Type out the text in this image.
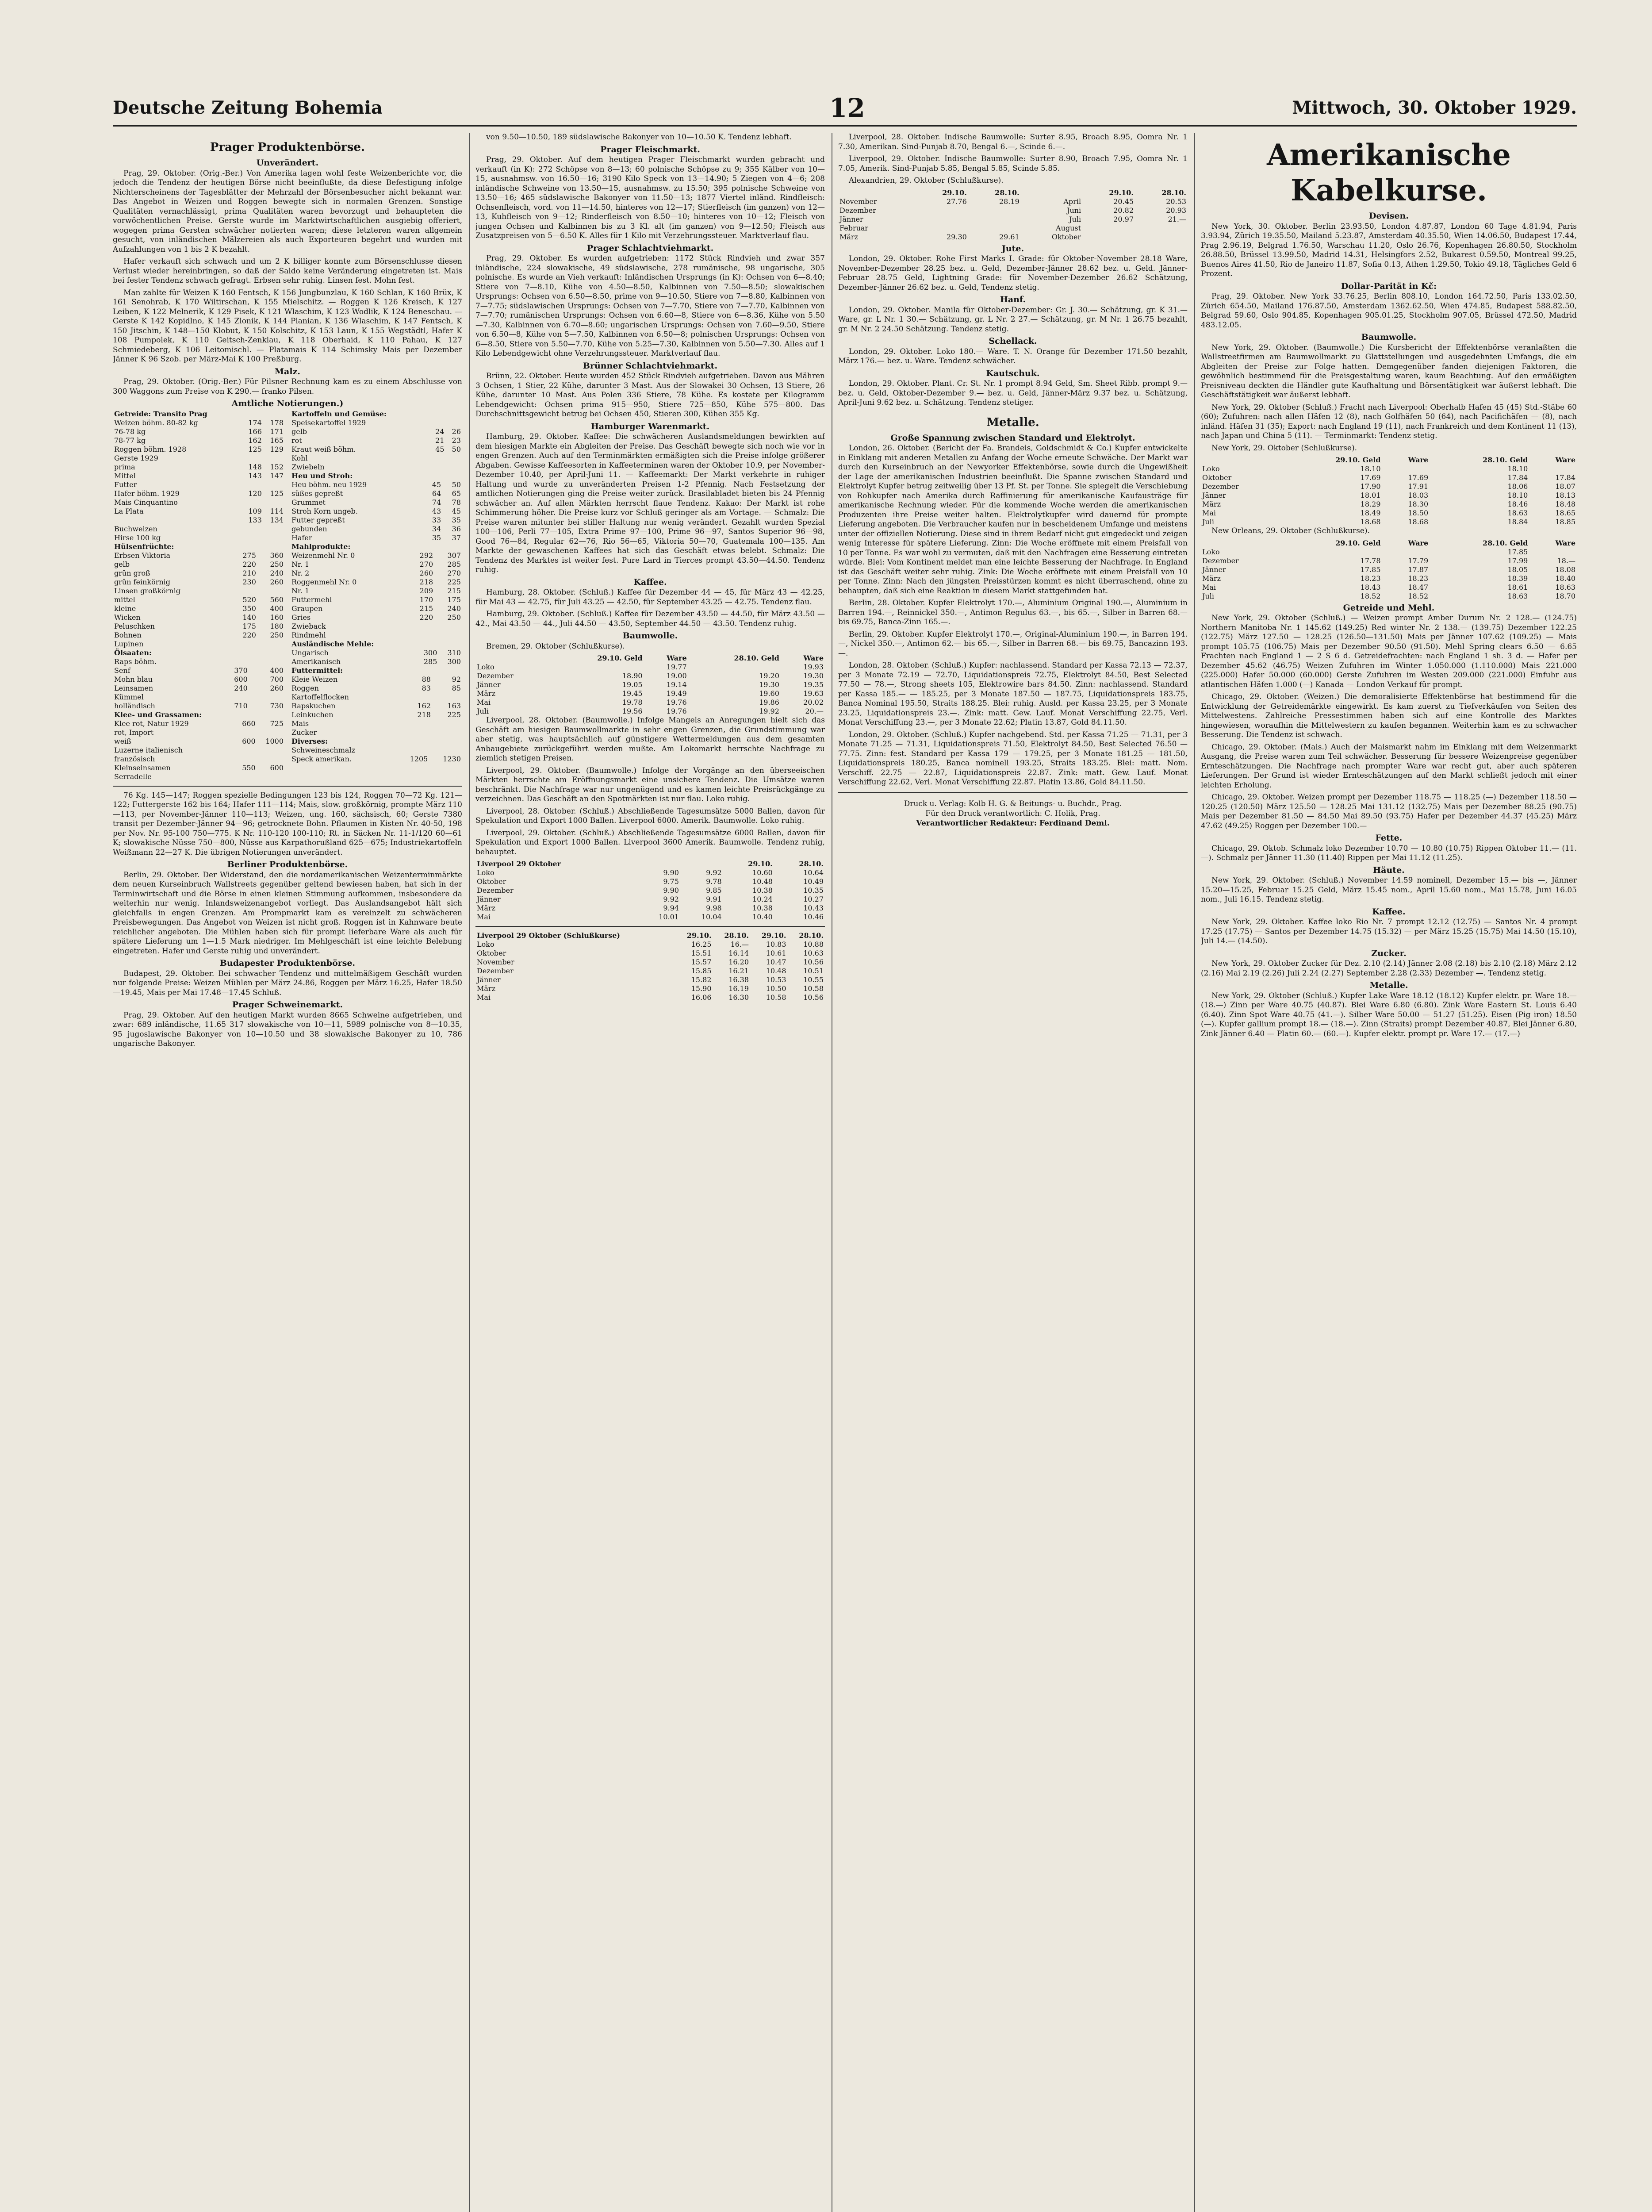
Deutsche Zeitung Bohemia	12	Mittwoch, 30. Oktober 1929.
Prager Produktenbörse.
Unverändert.

Prag, 29. Oktober. (Orig.-Ber.) Von Amerika lagen wohl feste Weizenberichte vor, die jedoch die Tendenz der heutigen Börse nicht beeinflußte, da diese Befestigung infolge Nichterscheinens der Tagesblätter der Mehrzahl der Börsenbesucher nicht bekannt war. Das Angebot in Weizen und Roggen bewegte sich in normalen Grenzen. Sonstige Qualitäten vernachlässigt, prima Qualitäten waren bevorzugt und behaupteten die vorwöchentlichen Preise. Gerste wurde im Marktwirtschaftlichen ausgiebig offeriert, wogegen prima Gersten schwächer notierten waren; diese letzteren waren allgemein gesucht, von inländischen Mälzereien als auch Exporteuren begehrt und wurden mit Aufzahlungen von 1 bis 2 K bezahlt.

Hafer verkauft sich schwach und um 2 K billiger konnte zum Börsenschlusse diesen Verlust wieder hereinbringen, so daß der Saldo keine Veränderung eingetreten ist. Mais bei fester Tendenz schwach gefragt. Erbsen sehr ruhig. Linsen fest. Mohn fest.

Man zahlte für Weizen K 160 Fentsch, K 156 Jungbunzlau, K 160 Schlan, K 160 Brüx, K 161 Senohrab, K 170 Wiltirschan, K 155 Mielschitz. — Roggen K 126 Kreisch, K 127 Leiben, K 122 Melnerik, K 129 Pisek, K 121 Wlaschim, K 123 Wodlik, K 124 Beneschau. — Gerste K 142 Kopidlno, K 145 Zlonik, K 144 Planian, K 136 Wlaschim, K 147 Fentsch, K 150 Jitschin, K 148—150 Klobut, K 150 Kolschitz, K 153 Laun, K 155 Wegstädtl, Hafer K 108 Pumpolek, K 110 Geitsch-Zenklau, K 118 Oberhaid, K 110 Pahau, K 127 Schmiedeberg, K 106 Leitomischl. — Platamais K 114 Schimsky Mais per Dezember Jänner K 96 Szob. per März-Mai K 100 Preßburg.

Malz.

Prag, 29. Oktober. (Orig.-Ber.) Für Pilsner Rechnung kam es zu einem Abschlusse von 300 Waggons zum Preise von K 290.— franko Pilsen.

Amtliche Notierungen.)
Getreide: Transito Prag		
Weizen böhm. 80-82 kg	174	178
76-78 kg	166	171
78-77 kg	162	165
Roggen böhm. 1928	125	129
Gerste 1929		
prima	148	152
Mittel	143	147
Futter		
Hafer böhm. 1929	120	125
Mais Cinquantino		
La Plata	109	114
	133	134
Buchweizen		
Hirse 100 kg		
Hülsenfrüchte:		
Erbsen Viktoria	275	360
gelb	220	250
grün groß	210	240
grün feinkörnig	230	260
Linsen großkörnig		
mittel	520	560
kleine	350	400
Wicken	140	160
Peluschken	175	180
Bohnen	220	250
Lupinen		
Ölsaaten:		
Raps böhm.		
Senf	370	400
Mohn blau	600	700
Leinsamen	240	260
Kümmel		
holländisch	710	730
Klee- und Grassamen:		
Klee rot, Natur 1929	660	725
rot, Import		
weiß	600	1000
Luzerne italienisch		
französisch		
Kleinseinsamen	550	600
Serradelle		
Kartoffeln und Gemüse:		
Speisekartoffel 1929		
gelb	24	26
rot	21	23
Kraut weiß böhm.	45	50
Kohl		
Zwiebeln		
Heu und Stroh:		
Heu böhm. neu 1929	45	50
süßes gepreßt	64	65
Grummet	74	78
Stroh Korn ungeb.	43	45
Futter gepreßt	33	35
gebunden	34	36
Hafer	35	37
Mahlprodukte:		
Weizenmehl Nr. 0	292	307
Nr. 1	270	285
Nr. 2	260	270
Roggenmehl Nr. 0	218	225
Nr. 1	209	215
Futtermehl	170	175
Graupen	215	240
Gries	220	250
Zwieback		
Rindmehl		
Ausländische Mehle:		
Ungarisch	300	310
Amerikanisch	285	300
Futtermittel:		
Kleie Weizen	88	92
Roggen	83	85
Kartoffelflocken		
Rapskuchen	162	163
Leinkuchen	218	225
Mais		
Zucker		
Diverses:		
Schweineschmalz		
Speck amerikan.	1205	1230

76 Kg. 145—147; Roggen spezielle Bedingungen 123 bis 124, Roggen 70—72 Kg. 121—122; Futtergerste 162 bis 164; Hafer 111—114; Mais, slow. großkörnig, prompte März 110—113, per November-Jänner 110—113; Weizen, ung. 160, sächsisch, 60; Gerste 7380 transit per Dezember-Jänner 94—96; getrocknete Bohn. Pflaumen in Kisten Nr. 40-50, 198 per Nov. Nr. 95-100 750—775. K Nr. 110-120 100-110; Rt. in Säcken Nr. 11-1/120 60—61 K; slowakische Nüsse 750—800, Nüsse aus Karpathorußland 625—675; Industriekartoffeln Weißmann 22—27 K. Die übrigen Notierungen unverändert.

Berliner Produktenbörse.

Berlin, 29. Oktober. Der Widerstand, den die nordamerikanischen Weizenterminmärkte dem neuen Kurseinbruch Wallstreets gegenüber geltend bewiesen haben, hat sich in der Terminwirtschaft und die Börse in einen kleinen Stimmung aufkommen, insbesondere da weiterhin nur wenig. Inlandsweizenangebot vorliegt. Das Auslandsangebot hält sich gleichfalls in engen Grenzen. Am Prompmarkt kam es vereinzelt zu schwächeren Preisbewegungen. Das Angebot von Weizen ist nicht groß. Roggen ist in Kahnware beute reichlicher angeboten. Die Mühlen haben sich für prompt lieferbare Ware als auch für spätere Lieferung um 1—1.5 Mark niedriger. Im Mehlgeschäft ist eine leichte Belebung eingetreten. Hafer und Gerste ruhig und unverändert.

Budapester Produktenbörse.

Budapest, 29. Oktober. Bei schwacher Tendenz und mittelmäßigem Geschäft wurden nur folgende Preise: Weizen Mühlen per März 24.86, Roggen per März 16.25, Hafer 18.50—19.45, Mais per Mai 17.48—17.45 Schluß.

Prager Schweinemarkt.

Prag, 29. Oktober. Auf den heutigen Markt wurden 8665 Schweine aufgetrieben, und zwar: 689 inländische, 11.65 317 slowakische von 10—11, 5989 polnische von 8—10.35, 95 jugoslawische Bakonyer von 10—10.50 und 38 slowakische Bakonyer zu 10, 786 ungarische Bakonyer.

von 9.50—10.50, 189 südslawische Bakonyer von 10—10.50 K. Tendenz lebhaft.

Prager Fleischmarkt.

Prag, 29. Oktober. Auf dem heutigen Prager Fleischmarkt wurden gebracht und verkauft (in K): 272 Schöpse von 8—13; 60 polnische Schöpse zu 9; 355 Kälber von 10—15, ausnahmsw. von 16.50—16; 3190 Kilo Speck von 13—14.90; 5 Ziegen von 4—6; 208 inländische Schweine von 13.50—15, ausnahmsw. zu 15.50; 395 polnische Schweine von 13.50—16; 465 südslawische Bakonyer von 11.50—13; 1877 Viertel inländ. Rindfleisch: Ochsenfleisch, vord. von 11—14.50, hinteres von 12—17; Stierfleisch (im ganzen) von 12—13, Kuhfleisch von 9—12; Rinderfleisch von 8.50—10; hinteres von 10—12; Fleisch von jungen Ochsen und Kalbinnen bis zu 3 Kl. alt (im ganzen) von 9—12.50; Fleisch aus Zusatzpreisen von 5—6.50 K. Alles für 1 Kilo mit Verzehrungssteuer. Marktverlauf flau.

Prager Schlachtviehmarkt.

Prag, 29. Oktober. Es wurden aufgetrieben: 1172 Stück Rindvieh und zwar 357 inländische, 224 slowakische, 49 südslawische, 278 rumänische, 98 ungarische, 305 polnische. Es wurde an Vieh verkauft: Inländischen Ursprungs (in K): Ochsen von 6—8.40; Stiere von 7—8.10, Kühe von 4.50—8.50, Kalbinnen von 7.50—8.50; slowakischen Ursprungs: Ochsen von 6.50—8.50, prime von 9—10.50, Stiere von 7—8.80, Kalbinnen von 7—7.75; südslawischen Ursprungs: Ochsen von 7—7.70, Stiere von 7—7.70, Kalbinnen von 7—7.70; rumänischen Ursprungs: Ochsen von 6.60—8, Stiere von 6—8.36, Kühe von 5.50—7.30, Kalbinnen von 6.70—8.60; ungarischen Ursprungs: Ochsen von 7.60—9.50, Stiere von 6.50—8, Kühe von 5—7.50, Kalbinnen von 6.50—8; polnischen Ursprungs: Ochsen von 6—8.50, Stiere von 5.50—7.70, Kühe von 5.25—7.30, Kalbinnen von 5.50—7.30. Alles auf 1 Kilo Lebendgewicht ohne Verzehrungssteuer. Marktverlauf flau.

Brünner Schlachtviehmarkt.

Brünn, 22. Oktober. Heute wurden 452 Stück Rindvieh aufgetrieben. Davon aus Mähren 3 Ochsen, 1 Stier, 22 Kühe, darunter 3 Mast. Aus der Slowakei 30 Ochsen, 13 Stiere, 26 Kühe, darunter 10 Mast. Aus Polen 336 Stiere, 78 Kühe. Es kostete per Kilogramm Lebendgewicht: Ochsen prima 915—950, Stiere 725—850, Kühe 575—800. Das Durchschnittsgewicht betrug bei Ochsen 450, Stieren 300, Kühen 355 Kg.

Hamburger Warenmarkt.

Hamburg, 29. Oktober. Kaffee: Die schwächeren Auslandsmeldungen bewirkten auf dem hiesigen Markte ein Abgleiten der Preise. Das Geschäft bewegte sich noch wie vor in engen Grenzen. Auch auf den Terminmärkten ermäßigten sich die Preise infolge größerer Abgaben. Gewisse Kaffeesorten in Kaffeeterminen waren der Oktober 10.9, per November-Dezember 10.40, per April-Juni 11. — Kaffeemarkt: Der Markt verkehrte in ruhiger Haltung und wurde zu unveränderten Preisen 1-2 Pfennig. Nach Festsetzung der amtlichen Notierungen ging die Preise weiter zurück. Brasilabladet bieten bis 24 Pfennig schwächer an. Auf allen Märkten herrscht flaue Tendenz. Kakao: Der Markt ist rohe Schimmerung höher. Die Preise kurz vor Schluß geringer als am Vortage. — Schmalz: Die Preise waren mitunter bei stiller Haltung nur wenig verändert. Gezahlt wurden Spezial 100—106, Perli 77—105, Extra Prime 97—100, Prime 96—97, Santos Superior 96—98, Good 76—84, Regular 62—76, Rio 56—65, Viktoria 50—70, Guatemala 100—135. Am Markte der gewaschenen Kaffees hat sich das Geschäft etwas belebt. Schmalz: Die Tendenz des Marktes ist weiter fest. Pure Lard in Tierces prompt 43.50—44.50. Tendenz ruhig.

Kaffee.

Hamburg, 28. Oktober. (Schluß.) Kaffee für Dezember 44 — 45, für März 43 — 42.25, für Mai 43 — 42.75, für Juli 43.25 — 42.50, für September 43.25 — 42.75. Tendenz flau.

Hamburg, 29. Oktober. (Schluß.) Kaffee für Dezember 43.50 — 44.50, für März 43.50 — 42., Mai 43.50 — 44., Juli 44.50 — 43.50, September 44.50 — 43.50. Tendenz ruhig.

Baumwolle.

Bremen, 29. Oktober (Schlußkurse).

	29.10. Geld	Ware	28.10. Geld	Ware
Loko		19.77		19.93
Dezember	18.90	19.00	19.20	19.30
Jänner	19.05	19.14	19.30	19.35
März	19.45	19.49	19.60	19.63
Mai	19.78	19.76	19.86	20.02
Juli	19.56	19.76	19.92	20.—

Liverpool, 28. Oktober. (Baumwolle.) Infolge Mangels an Anregungen hielt sich das Geschäft am hiesigen Baumwollmarkte in sehr engen Grenzen, die Grundstimmung war aber stetig, was hauptsächlich auf günstigere Wettermeldungen aus dem gesamten Anbaugebiete zurückgeführt werden mußte. Am Lokomarkt herrschte Nachfrage zu ziemlich stetigen Preisen.

Liverpool, 29. Oktober. (Baumwolle.) Infolge der Vorgänge an den überseeischen Märkten herrschte am Eröffnungsmarkt eine unsichere Tendenz. Die Umsätze waren beschränkt. Die Nachfrage war nur ungenügend und es kamen leichte Preisrückgänge zu verzeichnen. Das Geschäft an den Spotmärkten ist nur flau. Loko ruhig.

Liverpool, 28. Oktober. (Schluß.) Abschließende Tagesumsätze 5000 Ballen, davon für Spekulation und Export 1000 Ballen. Liverpool 6000. Amerik. Baumwolle. Loko ruhig.

Liverpool, 29. Oktober. (Schluß.) Abschließende Tagesumsätze 6000 Ballen, davon für Spekulation und Export 1000 Ballen. Liverpool 3600 Amerik. Baumwolle. Tendenz ruhig, behauptet.

Liverpool 29 Oktober			29.10.	28.10.
Loko	9.90	9.92	10.60	10.64
Oktober	9.75	9.78	10.48	10.49
Dezember	9.90	9.85	10.38	10.35
Jänner	9.92	9.91	10.24	10.27
März	9.94	9.98	10.38	10.43
Mai	10.01	10.04	10.40	10.46
Liverpool 29 Oktober (Schlußkurse)	29.10.	28.10.	29.10.	28.10.
Loko	16.25	16.—	10.83	10.88
Oktober	15.51	16.14	10.61	10.63
November	15.57	16.20	10.47	10.56
Dezember	15.85	16.21	10.48	10.51
Jänner	15.82	16.38	10.53	10.55
März	15.90	16.19	10.50	10.58
Mai	16.06	16.30	10.58	10.56

Liverpool, 28. Oktober. Indische Baumwolle: Surter 8.95, Broach 8.95, Oomra Nr. 1 7.30, Amerikan. Sind-Punjab 8.70, Bengal 6.—, Scinde 6.—.

Liverpool, 29. Oktober. Indische Baumwolle: Surter 8.90, Broach 7.95, Oomra Nr. 1 7.05, Amerik. Sind-Punjab 5.85, Bengal 5.85, Scinde 5.85.

Alexandrien, 29. Oktober (Schlußkurse).

	29.10.	28.10.		29.10.	28.10.
November	27.76	28.19	April	20.45	20.53
Dezember			Juni	20.82	20.93
Jänner			Juli	20.97	21.—
Februar			August		
März	29.30	29.61	Oktober		
Jute.

London, 29. Oktober. Rohe First Marks I. Grade: für Oktober-November 28.18 Ware, November-Dezember 28.25 bez. u. Geld, Dezember-Jänner 28.62 bez. u. Geld. Jänner-Februar 28.75 Geld, Lightning Grade: für November-Dezember 26.62 Schätzung, Dezember-Jänner 26.62 bez. u. Geld, Tendenz stetig.

Hanf.

London, 29. Oktober. Manila für Oktober-Dezember: Gr. J. 30.— Schätzung, gr. K 31.— Ware, gr. L Nr. 1 30.— Schätzung, gr. L Nr. 2 27.— Schätzung, gr. M Nr. 1 26.75 bezahlt, gr. M Nr. 2 24.50 Schätzung. Tendenz stetig.

Schellack.

London, 29. Oktober. Loko 180.— Ware. T. N. Orange für Dezember 171.50 bezahlt, März 176.— bez. u. Ware. Tendenz schwächer.

Kautschuk.

London, 29. Oktober. Plant. Cr. St. Nr. 1 prompt 8.94 Geld, Sm. Sheet Ribb. prompt 9.— bez. u. Geld, Oktober-Dezember 9.— bez. u. Geld, Jänner-März 9.37 bez. u. Schätzung, April-Juni 9.62 bez. u. Schätzung. Tendenz stetiger.

Metalle.
Große Spannung zwischen Standard und Elektrolyt.

London, 26. Oktober. (Bericht der Fa. Brandeis, Goldschmidt & Co.) Kupfer entwickelte in Einklang mit anderen Metallen zu Anfang der Woche erneute Schwäche. Der Markt war durch den Kurseinbruch an der Newyorker Effektenbörse, sowie durch die Ungewißheit der Lage der amerikanischen Industrien beeinflußt. Die Spanne zwischen Standard und Elektrolyt Kupfer betrug zeitweilig über 13 Pf. St. per Tonne. Sie spiegelt die Verschiebung von Rohkupfer nach Amerika durch Raffinierung für amerikanische Kaufausträge für amerikanische Rechnung wieder. Für die kommende Woche werden die amerikanischen Produzenten ihre Preise weiter halten. Elektrolytkupfer wird dauernd für prompte Lieferung angeboten. Die Verbraucher kaufen nur in bescheidenem Umfange und meistens unter der offiziellen Notierung. Diese sind in ihrem Bedarf nicht gut eingedeckt und zeigen wenig Interesse für spätere Lieferung. Zinn: Die Woche eröffnete mit einem Preisfall von 10 per Tonne. Es war wohl zu vermuten, daß mit den Nachfragen eine Besserung eintreten würde. Blei: Vom Kontinent meldet man eine leichte Besserung der Nachfrage. In England ist das Geschäft weiter sehr ruhig. Zink: Die Woche eröffnete mit einem Preisfall von 10 per Tonne. Zinn: Nach den jüngsten Preisstürzen kommt es nicht überraschend, ohne zu behaupten, daß sich eine Reaktion in diesem Markt stattgefunden hat.

Berlin, 28. Oktober. Kupfer Elektrolyt 170.—, Aluminium Original 190.—, Aluminium in Barren 194.—, Reinnickel 350.—, Antimon Regulus 63.—, bis 65.—, Silber in Barren 68.— bis 69.75, Banca-Zinn 165.—.

Berlin, 29. Oktober. Kupfer Elektrolyt 170.—, Original-Aluminium 190.—, in Barren 194.—, Nickel 350.—, Antimon 62.— bis 65.—, Silber in Barren 68.— bis 69.75, Bancazinn 193.—.

London, 28. Oktober. (Schluß.) Kupfer: nachlassend. Standard per Kassa 72.13 — 72.37, per 3 Monate 72.19 — 72.70, Liquidationspreis 72.75, Elektrolyt 84.50, Best Selected 77.50 — 78.—, Strong sheets 105, Elektrowire bars 84.50. Zinn: nachlassend. Standard per Kassa 185.— — 185.25, per 3 Monate 187.50 — 187.75, Liquidationspreis 183.75, Banca Nominal 195.50, Straits 188.25. Blei: ruhig. Ausld. per Kassa 23.25, per 3 Monate 23.25, Liquidationspreis 23.—. Zink: matt. Gew. Lauf. Monat Verschiffung 22.75, Verl. Monat Verschiffung 23.—, per 3 Monate 22.62; Platin 13.87, Gold 84.11.50.

London, 29. Oktober. (Schluß.) Kupfer nachgebend. Std. per Kassa 71.25 — 71.31, per 3 Monate 71.25 — 71.31, Liquidationspreis 71.50, Elektrolyt 84.50, Best Selected 76.50 — 77.75. Zinn: fest. Standard per Kassa 179 — 179.25, per 3 Monate 181.25 — 181.50, Liquidationspreis 180.25, Banca nominell 193.25, Straits 183.25. Blei: matt. Nom. Verschiff. 22.75 — 22.87, Liquidationspreis 22.87. Zink: matt. Gew. Lauf. Monat Verschiffung 22.62, Verl. Monat Verschiffung 22.87. Platin 13.86, Gold 84.11.50.

Druck u. Verlag: Kolb H. G. & Beitungs- u. Buchdr., Prag.
Für den Druck verantwortlich: C. Holik, Prag.
Verantwortlicher Redakteur: Ferdinand Deml.
Amerikanische Kabelkurse.
Devisen.

New York, 30. Oktober. Berlin 23.93.50, London 4.87.87, London 60 Tage 4.81.94, Paris 3.93.94, Zürich 19.35.50, Mailand 5.23.87, Amsterdam 40.35.50, Wien 14.06.50, Budapest 17.44, Prag 2.96.19, Belgrad 1.76.50, Warschau 11.20, Oslo 26.76, Kopenhagen 26.80.50, Stockholm 26.88.50, Brüssel 13.99.50, Madrid 14.31, Helsingfors 2.52, Bukarest 0.59.50, Montreal 99.25, Buenos Aires 41.50, Rio de Janeiro 11.87, Sofia 0.13, Athen 1.29.50, Tokio 49.18, Tägliches Geld 6 Prozent.

Dollar-Parität in Kč:

Prag, 29. Oktober. New York 33.76.25, Berlin 808.10, London 164.72.50, Paris 133.02.50, Zürich 654.50, Mailand 176.87.50, Amsterdam 1362.62.50, Wien 474.85, Budapest 588.82.50, Belgrad 59.60, Oslo 904.85, Kopenhagen 905.01.25, Stockholm 907.05, Brüssel 472.50, Madrid 483.12.05.

Baumwolle.

New York, 29. Oktober. (Baumwolle.) Die Kursbericht der Effektenbörse veranlaßten die Wallstreetfirmen am Baumwollmarkt zu Glattstellungen und ausgedehnten Umfangs, die ein Abgleiten der Preise zur Folge hatten. Demgegenüber fanden diejenigen Faktoren, die gewöhnlich bestimmend für die Preisgestaltung waren, kaum Beachtung. Auf den ermäßigten Preisniveau deckten die Händler gute Kaufhaltung und Börsentätigkeit war äußerst lebhaft. Die Geschäftstätigkeit war äußerst lebhaft.

New York, 29. Oktober (Schluß.) Fracht nach Liverpool: Oberhalb Hafen 45 (45) Std.-Stäbe 60 (60); Zufuhren: nach allen Häfen 12 (8), nach Golfhäfen 50 (64), nach Pacifichäfen — (8), nach inländ. Häfen 31 (35); Export: nach England 19 (11), nach Frankreich und dem Kontinent 11 (13), nach Japan und China 5 (11). — Terminmarkt: Tendenz stetig.

New York, 29. Oktober (Schlußkurse).

	29.10. Geld	Ware	28.10. Geld	Ware
Loko	18.10		18.10	
Oktober	17.69	17.69	17.84	17.84
Dezember	17.90	17.91	18.06	18.07
Jänner	18.01	18.03	18.10	18.13
März	18.29	18.30	18.46	18.48
Mai	18.49	18.50	18.63	18.65
Juli	18.68	18.68	18.84	18.85

New Orleans, 29. Oktober (Schlußkurse).

	29.10. Geld	Ware	28.10. Geld	Ware
Loko			17.85	
Dezember	17.78	17.79	17.99	18.—
Jänner	17.85	17.87	18.05	18.08
März	18.23	18.23	18.39	18.40
Mai	18.43	18.47	18.61	18.63
Juli	18.52	18.52	18.63	18.70
Getreide und Mehl.

New York, 29. Oktober (Schluß.) — Weizen prompt Amber Durum Nr. 2 128.— (124.75) Northern Manitoba Nr. 1 145.62 (149.25) Red winter Nr. 2 138.— (139.75) Dezember 122.25 (122.75) März 127.50 — 128.25 (126.50—131.50) Mais per Jänner 107.62 (109.25) — Mais prompt 105.75 (106.75) Mais per Dezember 90.50 (91.50). Mehl Spring clears 6.50 — 6.65 Frachten nach England 1 — 2 S 6 d. Getreidefrachten: nach England 1 sh. 3 d. — Hafer per Dezember 45.62 (46.75) Weizen Zufuhren im Winter 1.050.000 (1.110.000) Mais 221.000 (225.000) Hafer 50.000 (60.000) Gerste Zufuhren im Westen 209.000 (221.000) Einfuhr aus atlantischen Häfen 1.000 (—) Kanada — London Verkauf für prompt.

Chicago, 29. Oktober. (Weizen.) Die demoralisierte Effektenbörse hat bestimmend für die Entwicklung der Getreidemärkte eingewirkt. Es kam zuerst zu Tiefverkäufen von Seiten des Mittelwestens. Zahlreiche Pressestimmen haben sich auf eine Kontrolle des Marktes hingewiesen, woraufhin die Mittelwestern zu kaufen begannen. Weiterhin kam es zu schwacher Besserung. Die Tendenz ist schwach.

Chicago, 29. Oktober. (Mais.) Auch der Maismarkt nahm im Einklang mit dem Weizenmarkt Ausgang, die Preise waren zum Teil schwächer. Besserung für bessere Weizenpreise gegenüber Ernteschätzungen. Die Nachfrage nach prompter Ware war recht gut, aber auch späteren Lieferungen. Der Grund ist wieder Ernteschätzungen auf den Markt schließt jedoch mit einer leichten Erholung.

Chicago, 29. Oktober. Weizen prompt per Dezember 118.75 — 118.25 (—) Dezember 118.50 — 120.25 (120.50) März 125.50 — 128.25 Mai 131.12 (132.75) Mais per Dezember 88.25 (90.75) Mais per Dezember 81.50 — 84.50 Mai 89.50 (93.75) Hafer per Dezember 44.37 (45.25) März 47.62 (49.25) Roggen per Dezember 100.—

Fette.

Chicago, 29. Oktob. Schmalz loko Dezember 10.70 — 10.80 (10.75) Rippen Oktober 11.— (11.—). Schmalz per Jänner 11.30 (11.40) Rippen per Mai 11.12 (11.25).

Häute.

New York, 29. Oktober. (Schluß.) November 14.59 nominell, Dezember 15.— bis —, Jänner 15.20—15.25, Februar 15.25 Geld, März 15.45 nom., April 15.60 nom., Mai 15.78, Juni 16.05 nom., Juli 16.15. Tendenz stetig.

Kaffee.

New York, 29. Oktober. Kaffee loko Rio Nr. 7 prompt 12.12 (12.75) — Santos Nr. 4 prompt 17.25 (17.75) — Santos per Dezember 14.75 (15.32) — per März 15.25 (15.75) Mai 14.50 (15.10), Juli 14.— (14.50).

Zucker.

New York, 29. Oktober Zucker für Dez. 2.10 (2.14) Jänner 2.08 (2.18) bis 2.10 (2.18) März 2.12 (2.16) Mai 2.19 (2.26) Juli 2.24 (2.27) September 2.28 (2.33) Dezember —. Tendenz stetig.

Metalle.

New York, 29. Oktober (Schluß.) Kupfer Lake Ware 18.12 (18.12) Kupfer elektr. pr. Ware 18.— (18.—) Zinn per Ware 40.75 (40.87). Blei Ware 6.80 (6.80). Zink Ware Eastern St. Louis 6.40 (6.40). Zinn Spot Ware 40.75 (41.—). Silber Ware 50.00 — 51.27 (51.25). Eisen (Pig iron) 18.50 (—). Kupfer gallium prompt 18.— (18.—). Zinn (Straits) prompt Dezember 40.87, Blei Jänner 6.80, Zink Jänner 6.40 — Platin 60.— (60.—). Kupfer elektr. prompt pr. Ware 17.— (17.—)
